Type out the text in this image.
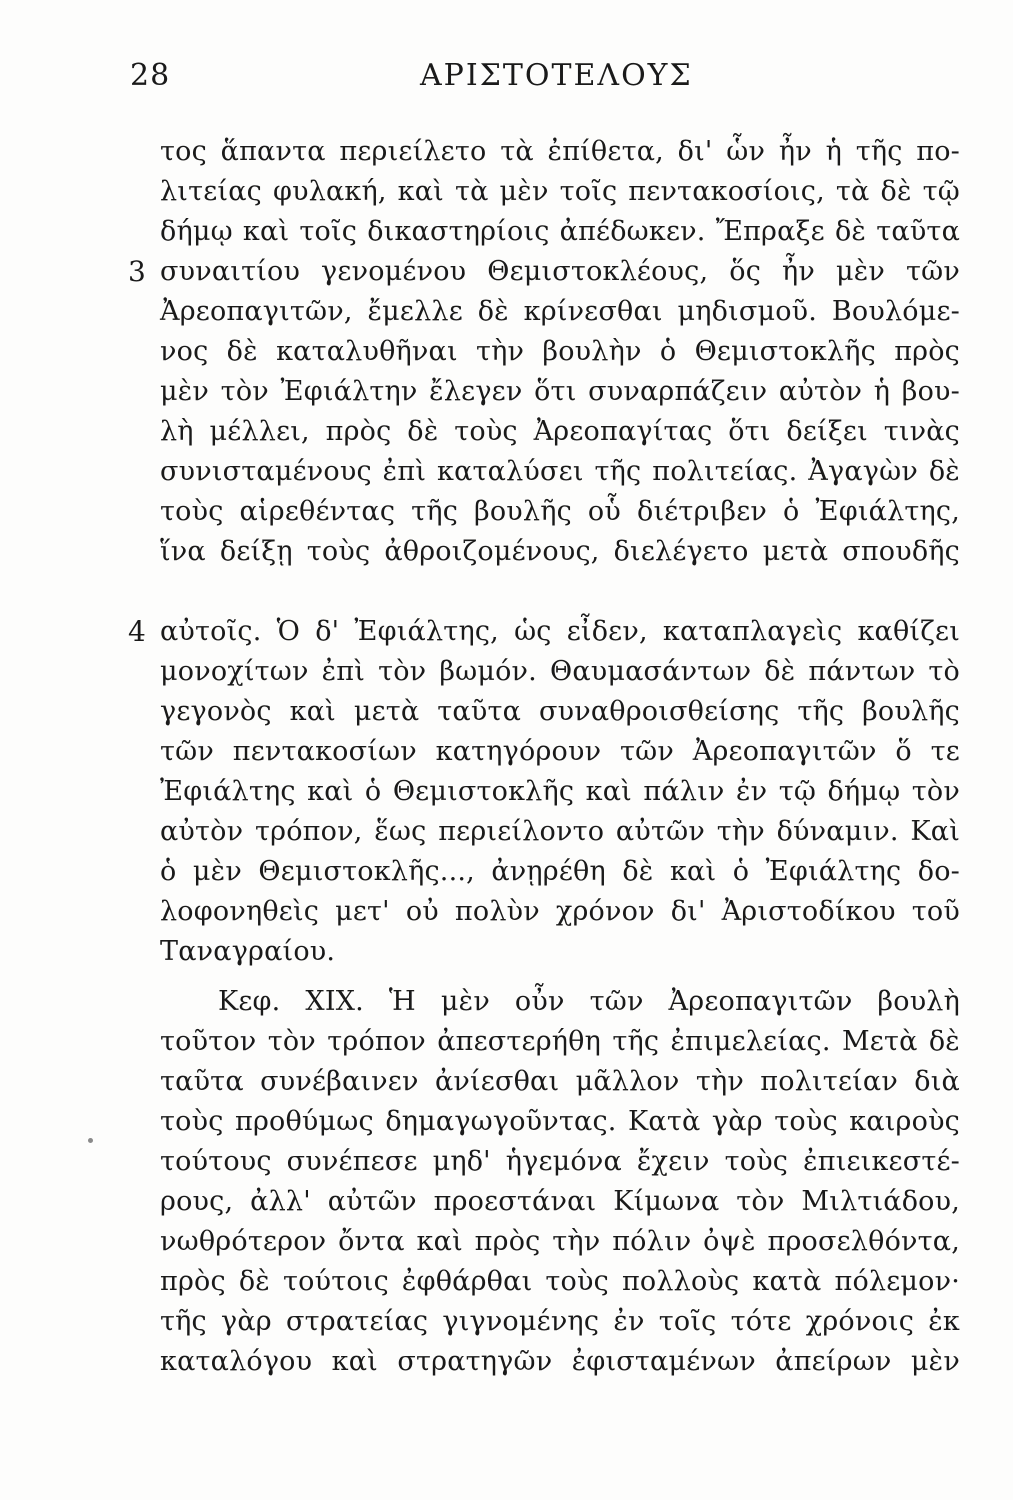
28	ΑΡΙΣΤΟΤΕΛΟΥΣ
3
4
τος ἅπαντα περιείλετο τὰ ἐπίθετα, δι' ὧν ἦν ἡ τῆς πο-
λιτείας φυλακή, καὶ τὰ μὲν τοῖς πεντακοσίοις, τὰ δὲ τῷ
δήμῳ καὶ τοῖς δικαστηρίοις ἀπέδωκεν. Ἔπραξε δὲ ταῦτα
συναιτίου γενομένου Θεμιστοκλέους, ὅς ἦν μὲν τῶν
Ἀρεοπαγιτῶν, ἔμελλε δὲ κρίνεσθαι μηδισμοῦ. Βουλόμε-
νος δὲ καταλυθῆναι τὴν βουλὴν ὁ Θεμιστοκλῆς πρὸς
μὲν τὸν Ἐφιάλτην ἔλεγεν ὅτι συναρπάζειν αὐτὸν ἡ βου-
λὴ μέλλει, πρὸς δὲ τοὺς Ἀρεοπαγίτας ὅτι δείξει τινὰς
συνισταμένους ἐπὶ καταλύσει τῆς πολιτείας. Ἀγαγὼν δὲ
τοὺς αἱρεθέντας τῆς βουλῆς οὗ διέτριβεν ὁ Ἐφιάλτης,
ἵνα δείξῃ τοὺς ἀθροιζομένους, διελέγετο μετὰ σπουδῆς
αὐτοῖς. Ὁ δ' Ἐφιάλτης, ὡς εἶδεν, καταπλαγεὶς καθίζει
μονοχίτων ἐπὶ τὸν βωμόν. Θαυμασάντων δὲ πάντων τὸ
γεγονὸς καὶ μετὰ ταῦτα συναθροισθείσης τῆς βουλῆς
τῶν πεντακοσίων κατηγόρουν τῶν Ἀρεοπαγιτῶν ὅ τε
Ἐφιάλτης καὶ ὁ Θεμιστοκλῆς καὶ πάλιν ἐν τῷ δήμῳ τὸν
αὐτὸν τρόπον, ἕως περιείλοντο αὐτῶν τὴν δύναμιν. Καὶ
ὁ μὲν Θεμιστοκλῆς..., ἀνῃρέθη δὲ καὶ ὁ Ἐφιάλτης δο-
λοφονηθεὶς μετ' οὐ πολὺν χρόνον δι' Ἀριστοδίκου τοῦ
Ταναγραίου.
Κεφ. XIX. Ἡ μὲν οὖν τῶν Ἀρεοπαγιτῶν βουλὴ
τοῦτον τὸν τρόπον ἀπεστερήθη τῆς ἐπιμελείας. Μετὰ δὲ
ταῦτα συνέβαινεν ἀνίεσθαι μᾶλλον τὴν πολιτείαν διὰ
τοὺς προθύμως δημαγωγοῦντας. Κατὰ γὰρ τοὺς καιροὺς
τούτους συνέπεσε μηδ' ἡγεμόνα ἔχειν τοὺς ἐπιεικεστέ-
ρους, ἀλλ' αὐτῶν προεστάναι Κίμωνα τὸν Μιλτιάδου,
νωθρότερον ὄντα καὶ πρὸς τὴν πόλιν ὀψὲ προσελθόντα,
πρὸς δὲ τούτοις ἐφθάρθαι τοὺς πολλοὺς κατὰ πόλεμον·
τῆς γὰρ στρατείας γιγνομένης ἐν τοῖς τότε χρόνοις ἐκ
καταλόγου καὶ στρατηγῶν ἐφισταμένων ἀπείρων μὲν
